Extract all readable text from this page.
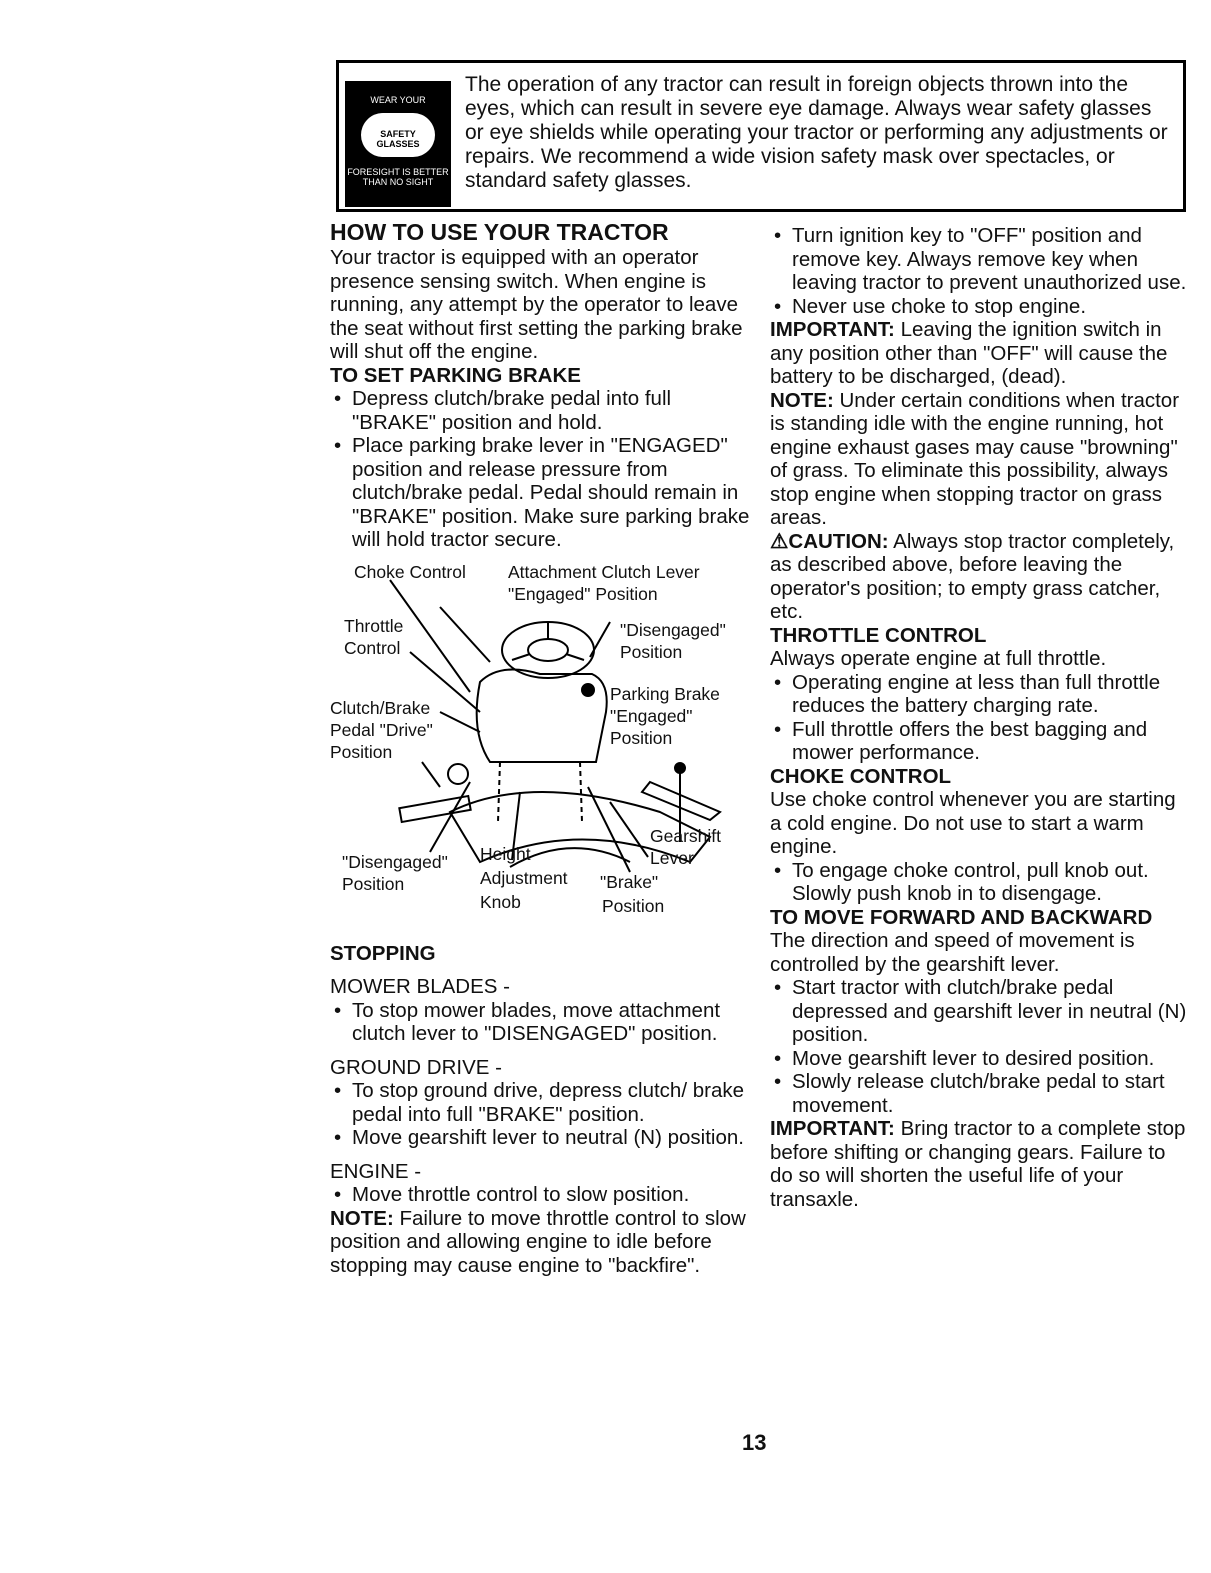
WEAR YOUR
SAFETY GLASSES
FORESIGHT IS BETTER THAN NO SIGHT
The operation of any tractor can result in foreign objects thrown into the eyes, which can result in severe eye damage. Always wear safety glasses or eye shields while operating your tractor or performing any adjustments or repairs. We recommend a wide vision safety mask over spectacles, or standard safety glasses.
HOW TO USE YOUR TRACTOR

Your tractor is equipped with an operator presence sensing switch. When engine is running, any attempt by the operator to leave the seat without first setting the parking brake will shut off the engine.

TO SET PARKING BRAKE
• Depress clutch/brake pedal into full "BRAKE" position and hold.
• Place parking brake lever in "ENGAGED" position and release pressure from clutch/brake pedal. Pedal should remain in "BRAKE" position. Make sure parking brake will hold tractor secure.
Choke Control Attachment Clutch Lever
"Engaged" Position
Throttle
Control
"Disengaged"
Position
Parking Brake
"Engaged"
Position
Clutch/Brake
Pedal "Drive"
Position
Gearshift
Lever
"Disengaged"
Position
Height
Adjustment
Knob
"Brake"
Position
STOPPING
MOWER BLADES -
• To stop mower blades, move attachment clutch lever to "DISENGAGED" position.
GROUND DRIVE -
• To stop ground drive, depress clutch/ brake pedal into full "BRAKE" position.
• Move gearshift lever to neutral (N) position.
ENGINE -
• Move throttle control to slow position.

NOTE: Failure to move throttle control to slow position and allowing engine to idle before stopping may cause engine to "backfire".

• Turn ignition key to "OFF" position and remove key. Always remove key when leaving tractor to prevent unauthorized use.
• Never use choke to stop engine.

IMPORTANT: Leaving the ignition switch in any position other than "OFF" will cause the battery to be discharged, (dead).

NOTE: Under certain conditions when tractor is standing idle with the engine running, hot engine exhaust gases may cause "browning" of grass. To eliminate this possibility, always stop engine when stopping tractor on grass areas.

⚠CAUTION: Always stop tractor completely, as described above, before leaving the operator's position; to empty grass catcher, etc.

THROTTLE CONTROL

Always operate engine at full throttle.

• Operating engine at less than full throttle reduces the battery charging rate.
• Full throttle offers the best bagging and mower performance.
CHOKE CONTROL

Use choke control whenever you are starting a cold engine. Do not use to start a warm engine.

• To engage choke control, pull knob out. Slowly push knob in to disengage.
TO MOVE FORWARD AND BACKWARD

The direction and speed of movement is controlled by the gearshift lever.

• Start tractor with clutch/brake pedal depressed and gearshift lever in neutral (N) position.
• Move gearshift lever to desired position.
• Slowly release clutch/brake pedal to start movement.

IMPORTANT: Bring tractor to a complete stop before shifting or changing gears. Failure to do so will shorten the useful life of your transaxle.

13
